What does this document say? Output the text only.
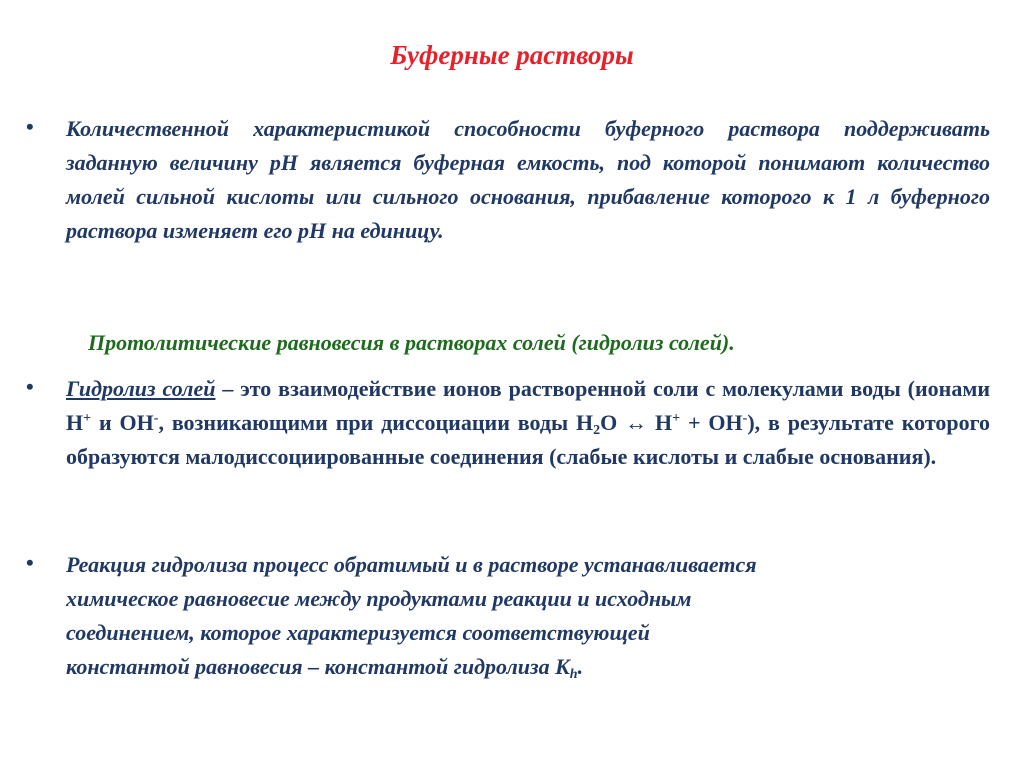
Буферные растворы
• Количественной характеристикой способности буферного раствора поддерживать заданную величину рН является буферная емкость, под которой понимают количество молей сильной кислоты или сильного основания, прибавление которого к 1 л буферного раствора изменяет его рН на единицу.

Протолитические равновесия в растворах солей (гидролиз солей).
• Гидролиз солей – это взаимодействие ионов растворенной соли с молекулами воды (ионами Н+ и ОН-, возникающими при диссоциации воды $Н_2О$ ↔ Н+ + ОН-), в результате которого образуются малодиссоциированные соединения (слабые кислоты и слабые основания).

• Реакция гидролиза процесс обратимый и в растворе устанавливается
химическое равновесие между продуктами реакции и исходным
соединением, которое характеризуется соответствующей
константой равновесия – константой гидролиза $K_h$.
